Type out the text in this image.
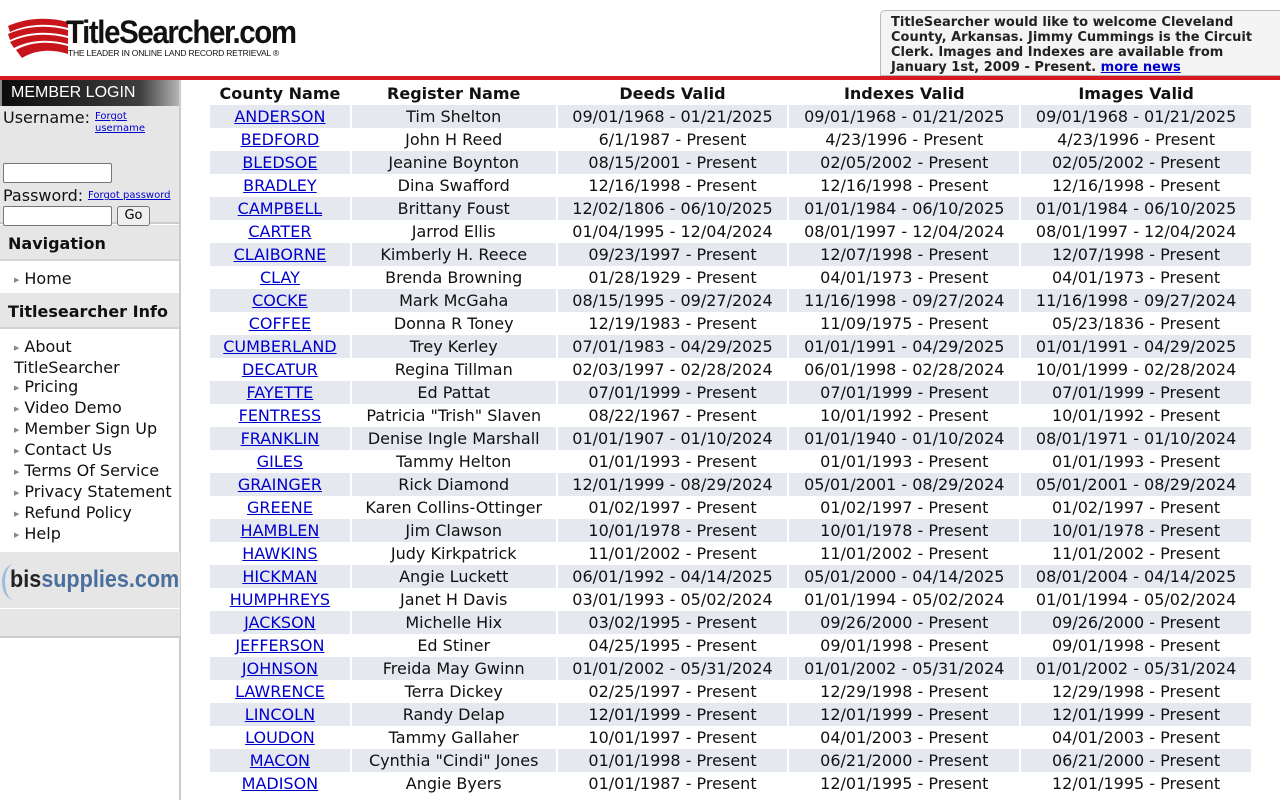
TitleSearcher.com
THE LEADER IN ONLINE LAND RECORD RETRIEVAL ®
TitleSearcher would like to welcome Cleveland County, Arkansas. Jimmy Cummings is the Circuit Clerk. Images and Indexes are available from January 1st, 2009 - Present. more news
MEMBER LOGIN
Username: Forgot username
Password: Forgot password
Go
Navigation
▶ Home
Titlesearcher Info
▶ About TitleSearcher
▶ Pricing
▶ Video Demo
▶ Member Sign Up
▶ Contact Us
▶ Terms Of Service
▶ Privacy Statement
▶ Refund Policy
▶ Help
bissupplies.com
County Name	Register Name	Deeds Valid	Indexes Valid	Images Valid
ANDERSON	Tim Shelton	09/01/1968 - 01/21/2025	09/01/1968 - 01/21/2025	09/01/1968 - 01/21/2025
BEDFORD	John H Reed	6/1/1987 - Present	4/23/1996 - Present	4/23/1996 - Present
BLEDSOE	Jeanine Boynton	08/15/2001 - Present	02/05/2002 - Present	02/05/2002 - Present
BRADLEY	Dina Swafford	12/16/1998 - Present	12/16/1998 - Present	12/16/1998 - Present
CAMPBELL	Brittany Foust	12/02/1806 - 06/10/2025	01/01/1984 - 06/10/2025	01/01/1984 - 06/10/2025
CARTER	Jarrod Ellis	01/04/1995 - 12/04/2024	08/01/1997 - 12/04/2024	08/01/1997 - 12/04/2024
CLAIBORNE	Kimberly H. Reece	09/23/1997 - Present	12/07/1998 - Present	12/07/1998 - Present
CLAY	Brenda Browning	01/28/1929 - Present	04/01/1973 - Present	04/01/1973 - Present
COCKE	Mark McGaha	08/15/1995 - 09/27/2024	11/16/1998 - 09/27/2024	11/16/1998 - 09/27/2024
COFFEE	Donna R Toney	12/19/1983 - Present	11/09/1975 - Present	05/23/1836 - Present
CUMBERLAND	Trey Kerley	07/01/1983 - 04/29/2025	01/01/1991 - 04/29/2025	01/01/1991 - 04/29/2025
DECATUR	Regina Tillman	02/03/1997 - 02/28/2024	06/01/1998 - 02/28/2024	10/01/1999 - 02/28/2024
FAYETTE	Ed Pattat	07/01/1999 - Present	07/01/1999 - Present	07/01/1999 - Present
FENTRESS	Patricia "Trish" Slaven	08/22/1967 - Present	10/01/1992 - Present	10/01/1992 - Present
FRANKLIN	Denise Ingle Marshall	01/01/1907 - 01/10/2024	01/01/1940 - 01/10/2024	08/01/1971 - 01/10/2024
GILES	Tammy Helton	01/01/1993 - Present	01/01/1993 - Present	01/01/1993 - Present
GRAINGER	Rick Diamond	12/01/1999 - 08/29/2024	05/01/2001 - 08/29/2024	05/01/2001 - 08/29/2024
GREENE	Karen Collins-Ottinger	01/02/1997 - Present	01/02/1997 - Present	01/02/1997 - Present
HAMBLEN	Jim Clawson	10/01/1978 - Present	10/01/1978 - Present	10/01/1978 - Present
HAWKINS	Judy Kirkpatrick	11/01/2002 - Present	11/01/2002 - Present	11/01/2002 - Present
HICKMAN	Angie Luckett	06/01/1992 - 04/14/2025	05/01/2000 - 04/14/2025	08/01/2004 - 04/14/2025
HUMPHREYS	Janet H Davis	03/01/1993 - 05/02/2024	01/01/1994 - 05/02/2024	01/01/1994 - 05/02/2024
JACKSON	Michelle Hix	03/02/1995 - Present	09/26/2000 - Present	09/26/2000 - Present
JEFFERSON	Ed Stiner	04/25/1995 - Present	09/01/1998 - Present	09/01/1998 - Present
JOHNSON	Freida May Gwinn	01/01/2002 - 05/31/2024	01/01/2002 - 05/31/2024	01/01/2002 - 05/31/2024
LAWRENCE	Terra Dickey	02/25/1997 - Present	12/29/1998 - Present	12/29/1998 - Present
LINCOLN	Randy Delap	12/01/1999 - Present	12/01/1999 - Present	12/01/1999 - Present
LOUDON	Tammy Gallaher	10/01/1997 - Present	04/01/2003 - Present	04/01/2003 - Present
MACON	Cynthia "Cindi" Jones	01/01/1998 - Present	06/21/2000 - Present	06/21/2000 - Present
MADISON	Angie Byers	01/01/1987 - Present	12/01/1995 - Present	12/01/1995 - Present
